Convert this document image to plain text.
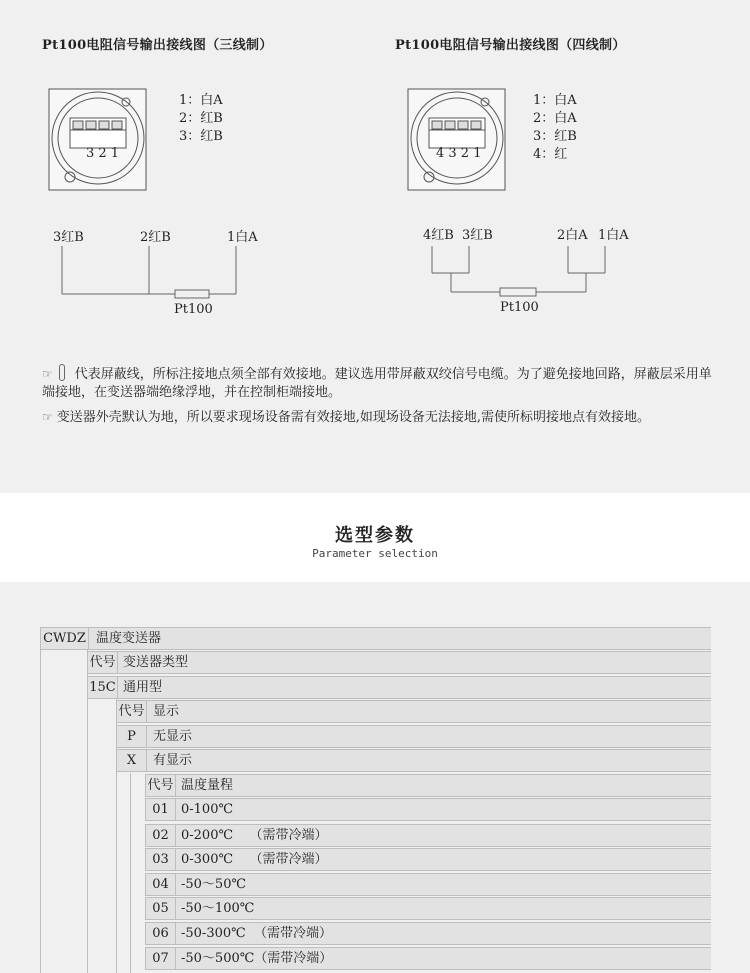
Pt100电阻信号输出接线图（三线制）	Pt100电阻信号输出接线图（四线制）
3 2 1	4 3 2 1
1：白A
2：红B
3：红B
1：白A
2：白A
3：红B
4：红
3红B	2红B	1白A
Pt100
4红B 3红B	2白A 1白A
Pt100
☞ 代表屏蔽线，所标注接地点须全部有效接地。建议选用带屏蔽双绞信号电缆。为了避免接地回路，屏蔽层采用单端接地，在变送器端绝缘浮地，并在控制柜端接地。
☞ 变送器外壳默认为地，所以要求现场设备需有效接地,如现场设备无法接地,需使所标明接地点有效接地。
选型参数
Parameter selection
CWDZ 温度变送器
代号 变送器类型
15C 通用型
代号 显示
P	无显示
X	有显示
代号 温度量程
01 0-100℃
02 0-200℃    （需带冷端）
03 0-300℃    （需带冷端）
04 -50～50℃
05 -50～100℃
06 -50-300℃  （需带冷端）
07 -50～500℃（需带冷端）
